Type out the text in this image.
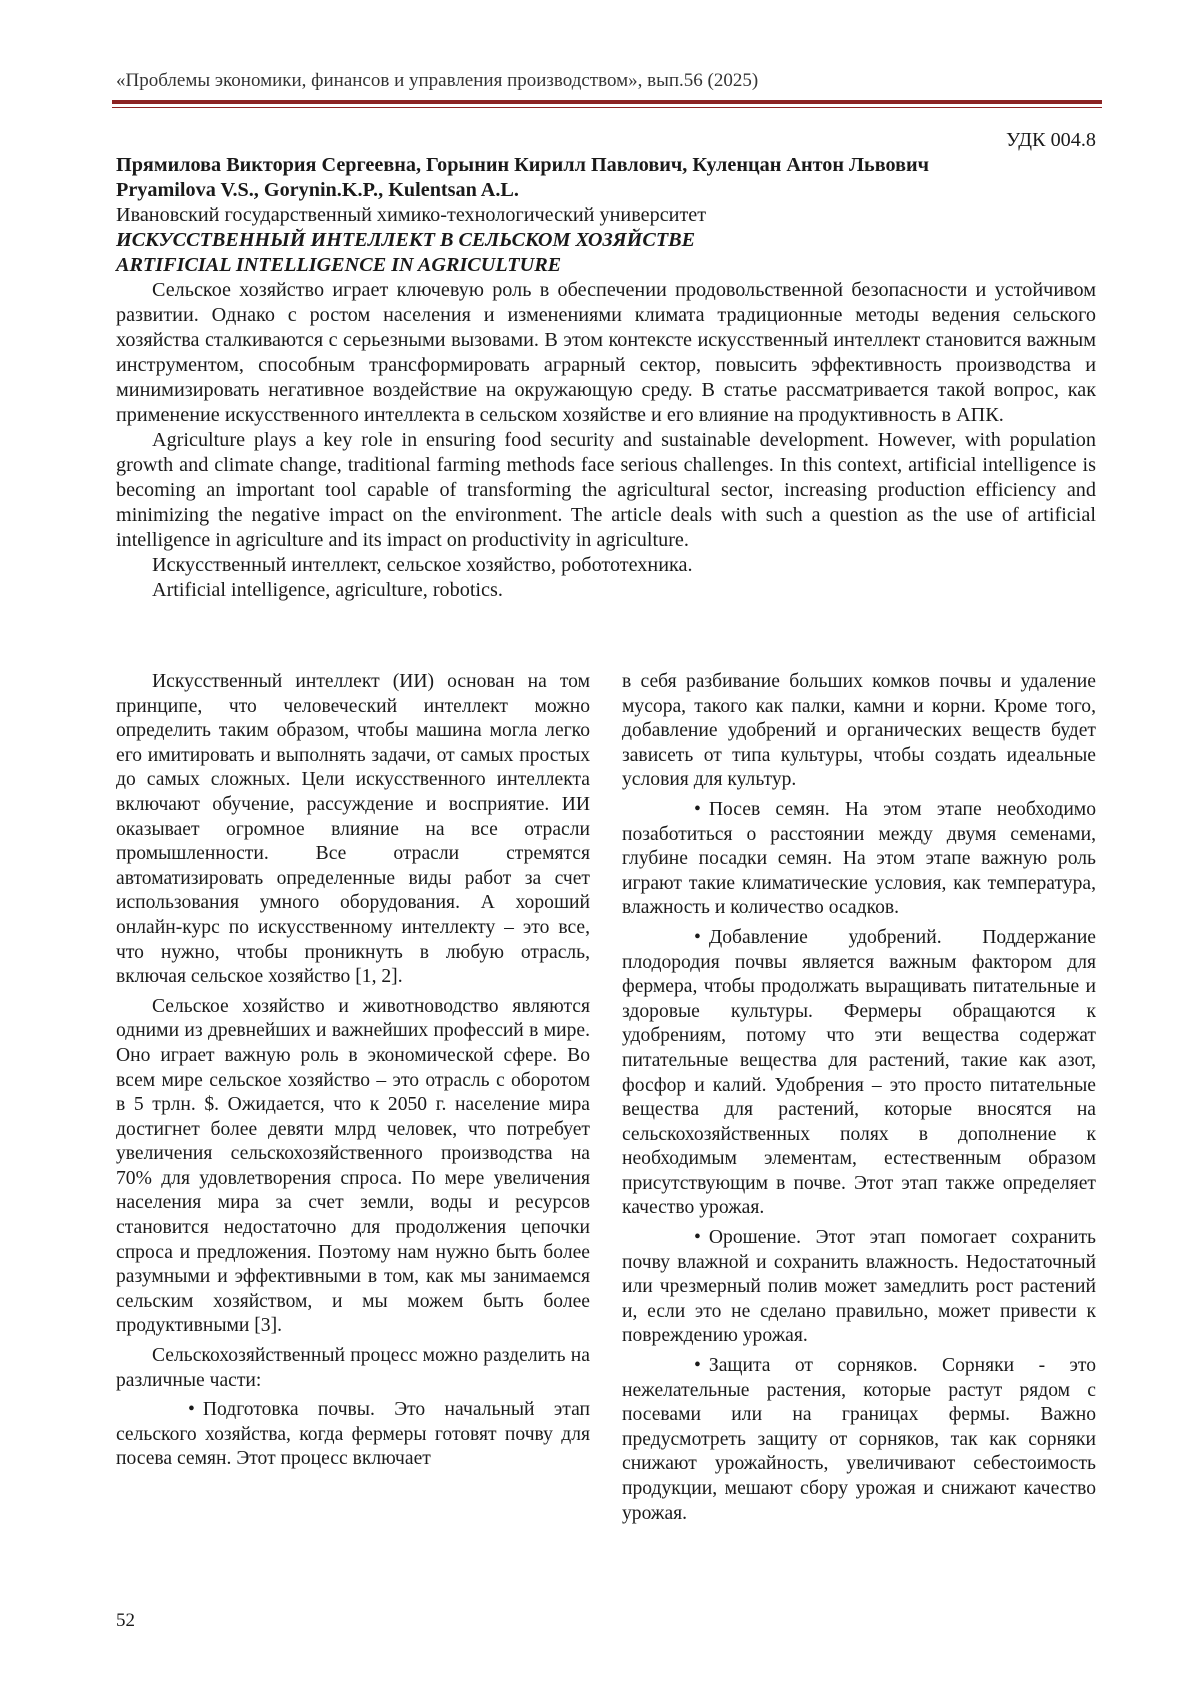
«Проблемы экономики, финансов и управления производством», вып.56 (2025)
УДК 004.8
Прямилова Виктория Сергеевна, Горынин Кирилл Павлович, Куленцан Антон Львович
Pryamilova V.S., Gorynin.K.P., Kulentsan A.L.
Ивановский государственный химико-технологический университет
ИСКУССТВЕННЫЙ ИНТЕЛЛЕКТ В СЕЛЬСКОМ ХОЗЯЙСТВЕ
ARTIFICIAL INTELLIGENCE IN AGRICULTURE

Сельское хозяйство играет ключевую роль в обеспечении продовольственной безопасности и устойчивом развитии. Однако с ростом населения и изменениями климата традиционные методы ведения сельского хозяйства сталкиваются с серьезными вызовами. В этом контексте искусственный интеллект становится важным инструментом, способным трансформировать аграрный сектор, повысить эффективность производства и минимизировать негативное воздействие на окружающую среду. В статье рассматривается такой вопрос, как применение искусственного интеллекта в сельском хозяйстве и его влияние на продуктивность в АПК.

Agriculture plays a key role in ensuring food security and sustainable development. However, with population growth and climate change, traditional farming methods face serious challenges. In this context, artificial intelligence is becoming an important tool capable of transforming the agricultural sector, increasing production efficiency and minimizing the negative impact on the environment. The article deals with such a question as the use of artificial intelligence in agriculture and its impact on productivity in agriculture.

Искусственный интеллект, сельское хозяйство, робототехника.

Artificial intelligence, agriculture, robotics.

Искусственный интеллект (ИИ) основан на том принципе, что человеческий интеллект можно определить таким образом, чтобы машина могла легко его имитировать и выполнять задачи, от самых простых до самых сложных. Цели искусственного интеллекта включают обучение, рассуждение и восприятие. ИИ оказывает огромное влияние на все отрасли промышленности. Все отрасли стремятся автоматизировать определенные виды работ за счет использования умного оборудования. А хороший онлайн-курс по искусственному интеллекту – это все, что нужно, чтобы проникнуть в любую отрасль, включая сельское хозяйство [1, 2].

Сельское хозяйство и животноводство являются одними из древнейших и важнейших профессий в мире. Оно играет важную роль в экономической сфере. Во всем мире сельское хозяйство – это отрасль с оборотом в 5 трлн. $. Ожидается, что к 2050 г. население мира достигнет более девяти млрд человек, что потребует увеличения сельскохозяйственного производства на 70% для удовлетворения спроса. По мере увеличения населения мира за счет земли, воды и ресурсов становится недостаточно для продолжения цепочки спроса и предложения. Поэтому нам нужно быть более разумными и эффективными в том, как мы занимаемся сельским хозяйством, и мы можем быть более продуктивными [3].

Сельскохозяйственный процесс можно разделить на различные части:

• Подготовка почвы. Это начальный этап сельского хозяйства, когда фермеры готовят почву для посева семян. Этот процесс включает

в себя разбивание больших комков почвы и удаление мусора, такого как палки, камни и корни. Кроме того, добавление удобрений и органических веществ будет зависеть от типа культуры, чтобы создать идеальные условия для культур.

• Посев семян. На этом этапе необходимо позаботиться о расстоянии между двумя семенами, глубине посадки семян. На этом этапе важную роль играют такие климатические условия, как температура, влажность и количество осадков.

• Добавление удобрений. Поддержание плодородия почвы является важным фактором для фермера, чтобы продолжать выращивать питательные и здоровые культуры. Фермеры обращаются к удобрениям, потому что эти вещества содержат питательные вещества для растений, такие как азот, фосфор и калий. Удобрения – это просто питательные вещества для растений, которые вносятся на сельскохозяйственных полях в дополнение к необходимым элементам, естественным образом присутствующим в почве. Этот этап также определяет качество урожая.

• Орошение. Этот этап помогает сохранить почву влажной и сохранить влажность. Недостаточный или чрезмерный полив может замедлить рост растений и, если это не сделано правильно, может привести к повреждению урожая.

• Защита от сорняков. Сорняки - это нежелательные растения, которые растут рядом с посевами или на границах фермы. Важно предусмотреть защиту от сорняков, так как сорняки снижают урожайность, увеличивают себестоимость продукции, мешают сбору урожая и снижают качество урожая.

52
